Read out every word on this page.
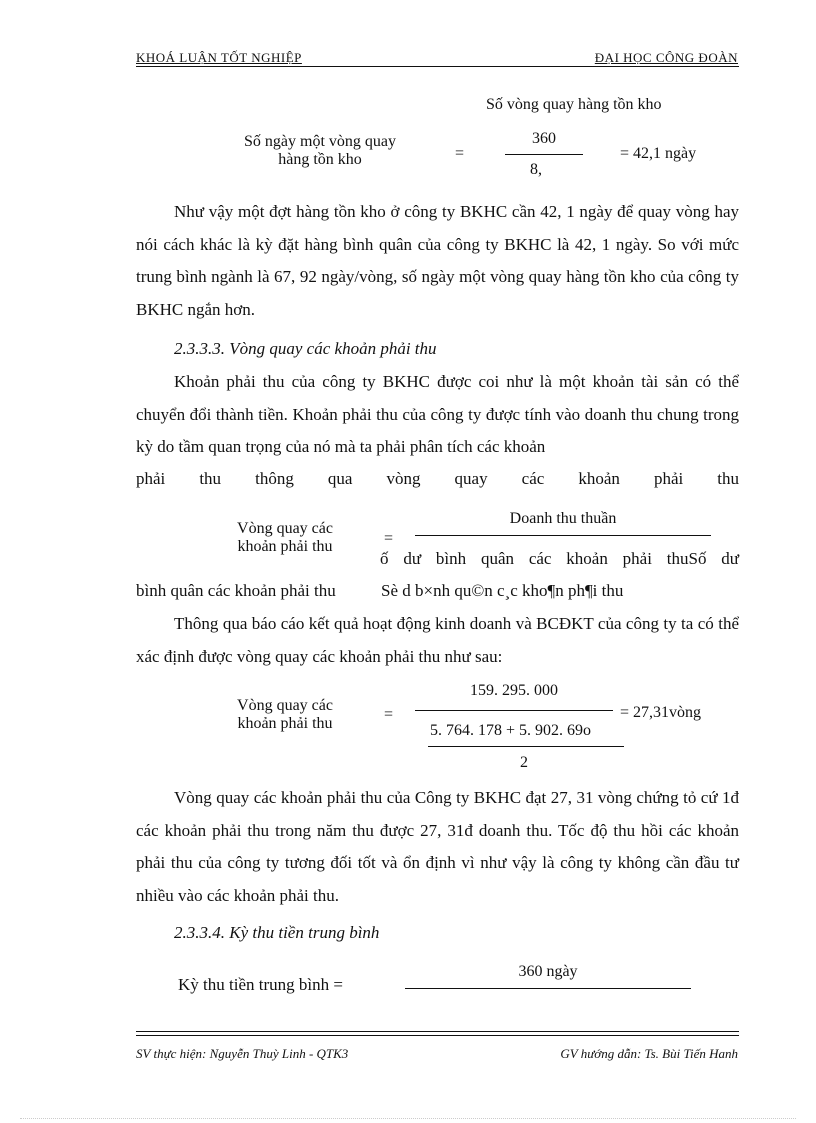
KHOÁ LUẬN TỐT NGHIỆP	ĐẠI HỌC CÔNG ĐOÀN
Số vòng quay hàng tồn kho
Số ngày một vòng quay
hàng tồn kho	=
360
8,
= 42,1 ngày
Như vậy một đợt hàng tồn kho ở công ty BKHC cần 42, 1 ngày để quay vòng hay nói cách khác là kỳ đặt hàng bình quân của công ty BKHC là 42, 1 ngày. So với mức trung bình ngành là 67, 92 ngày/vòng, số ngày một vòng quay hàng tồn kho của công ty BKHC ngắn hơn.
2.3.3.3. Vòng quay các khoản phải thu
Khoản phải thu của công ty BKHC được coi như là một khoản tài sản có thể chuyển đổi thành tiền. Khoản phải thu của công ty được tính vào doanh thu chung trong kỳ do tầm quan trọng của nó mà ta phải phân tích các khoản
phải thu thông qua vòng quay các khoản phải thu
Vòng quay các
khoản phải thu	=
Doanh thu thuần
ố dư bình quân các khoản phải thuSố dư
bình quân các khoản phải thu	Sè d b×nh qu©n c¸c kho¶n ph¶i thu
Thông qua báo cáo kết quả hoạt động kinh doanh và BCĐKT của công ty ta có thể xác định được vòng quay các khoản phải thu như sau:
Vòng quay các
khoản phải thu
=
159. 295. 000
= 27,31vòng
5. 764. 178 + 5. 902. 69o
2
Vòng quay các khoản phải thu của Công ty BKHC đạt 27, 31 vòng chứng tỏ cứ 1đ các khoản phải thu trong năm thu được 27, 31đ doanh thu. Tốc độ thu hồi các khoản phải thu của công ty tương đối tốt và ổn định vì như vậy là công ty không cần đầu tư nhiều vào các khoản phải thu.
2.3.3.4. Kỳ thu tiền trung bình
Kỳ thu tiền trung bình =
360 ngày
SV thực hiện: Nguyễn Thuỳ Linh - QTK3	GV hướng dẫn: Ts. Bùi Tiến Hanh
